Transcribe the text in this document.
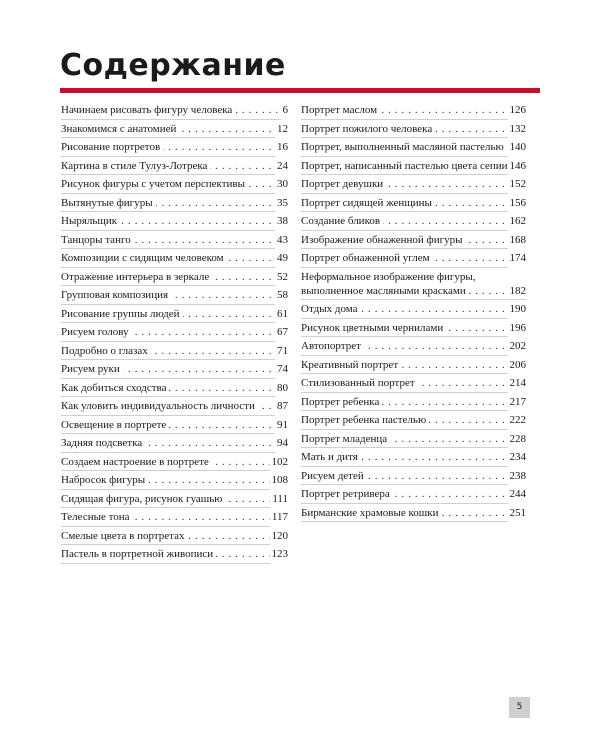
Содержание
Начинаем рисовать фигуру человека . . .	6
Знакомимся с анатомией . . .	12
Рисование портретов . . .	16
Картина в стиле Тулуз-Лотрека . . .	24
Рисунок фигуры с учетом перспективы . . .	30
Вытянутые фигуры . . .	35
Ныряльщик . . .	38
Танцоры танго . . .	43
Композиции с сидящим человеком . . .	49
Отражение интерьера в зеркале . . .	52
Групповая композиция . . .	58
Рисование группы людей . . .	61
Рисуем голову . . .	67
Подробно о глазах . . .	71
Рисуем руки . . .	74
Как добиться сходства . . .	80
Как уловить индивидуальность личности . . .	87
Освещение в портрете . . .	91
Задняя подсветка . . .	94
Создаем настроение в портрете . . .	102
Набросок фигуры . . .	108
Сидящая фигура, рисунок гуашью . . .	111
Телесные тона . . .	117
Смелые цвета в портретах . . .	120
Пастель в портретной живописи . . .	123
Портрет маслом . . .	126
Портрет пожилого человека . . .	132
Портрет, выполненный масляной пастелью . . . 140
Портрет, написанный пастелью цвета сепии . . . 146
Портрет девушки . . .	152
Портрет сидящей женщины . . .	156
Создание бликов . . .	162
Изображение обнаженной фигуры . . .	168
Портрет обнаженной углем . . .	174
Неформальное изображение фигуры, выполненное масляными красками . . .	182
Отдых дома . . .	190
Рисунок цветными чернилами . . .	196
Автопортрет . . .	202
Креативный портрет . . .	206
Стилизованный портрет . . .	214
Портрет ребенка . . .	217
Портрет ребенка пастелью . . .	222
Портрет младенца . . .	228
Мать и дитя . . .	234
Рисуем детей . . .	238
Портрет ретривера . . .	244
Бирманские храмовые кошки . . .	251
5
